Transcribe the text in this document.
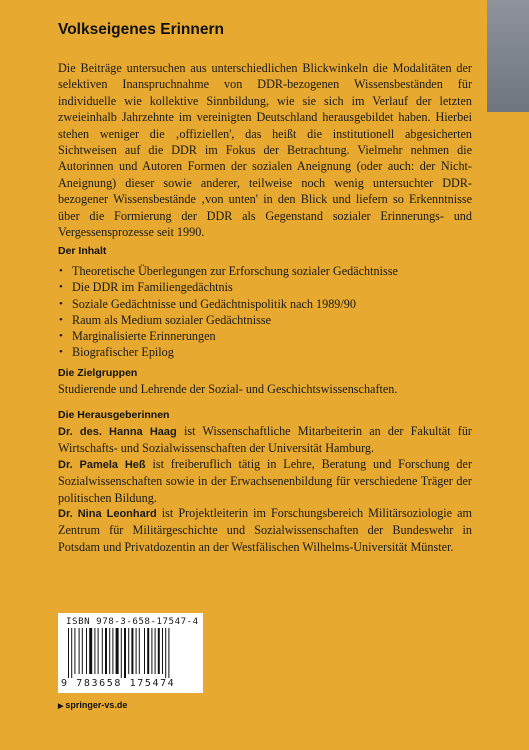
Volkseigenes Erinnern

Die Beiträge untersuchen aus unterschiedlichen Blickwinkeln die Modalitäten der selektiven Inanspruchnahme von DDR-bezogenen Wissensbeständen für individuelle wie kollektive Sinnbildung, wie sie sich im Verlauf der letzten zweieinhalb Jahrzehnte im vereinigten Deutschland herausgebildet haben. Hierbei stehen weniger die ‚offiziellen', das heißt die institutionell abgesicherten Sichtweisen auf die DDR im Fokus der Betrachtung. Vielmehr nehmen die Autorinnen und Autoren Formen der sozialen Aneignung (oder auch: der Nicht-Aneignung) dieser sowie anderer, teilweise noch wenig untersuchter DDR-bezogener Wissensbestände ‚von unten' in den Blick und liefern so Erkenntnisse über die Formierung der DDR als Gegenstand sozialer Erinnerungs- und Vergessensprozesse seit 1990.

Der Inhalt
• Theoretische Überlegungen zur Erforschung sozialer Gedächtnisse
• Die DDR im Familiengedächtnis
• Soziale Gedächtnisse und Gedächtnispolitik nach 1989/90
• Raum als Medium sozialer Gedächtnisse
• Marginalisierte Erinnerungen
• Biografischer Epilog
Die Zielgruppen

Studierende und Lehrende der Sozial- und Geschichtswissenschaften.

Die Herausgeberinnen

Dr. des. Hanna Haag ist Wissenschaftliche Mitarbeiterin an der Fakultät für Wirtschafts- und Sozialwissenschaften der Universität Hamburg.

Dr. Pamela Heß ist freiberuflich tätig in Lehre, Beratung und Forschung der Sozialwissenschaften sowie in der Erwachsenenbildung für verschiedene Träger der politischen Bildung.

Dr. Nina Leonhard ist Projektleiterin im Forschungsbereich Militärsoziologie am Zentrum für Militärgeschichte und Sozialwissenschaften der Bundeswehr in Potsdam und Privatdozentin an der Westfälischen Wilhelms-Universität Münster.

ISBN 978-3-658-17547-4
9 783658 175474
▶ springer-vs.de
